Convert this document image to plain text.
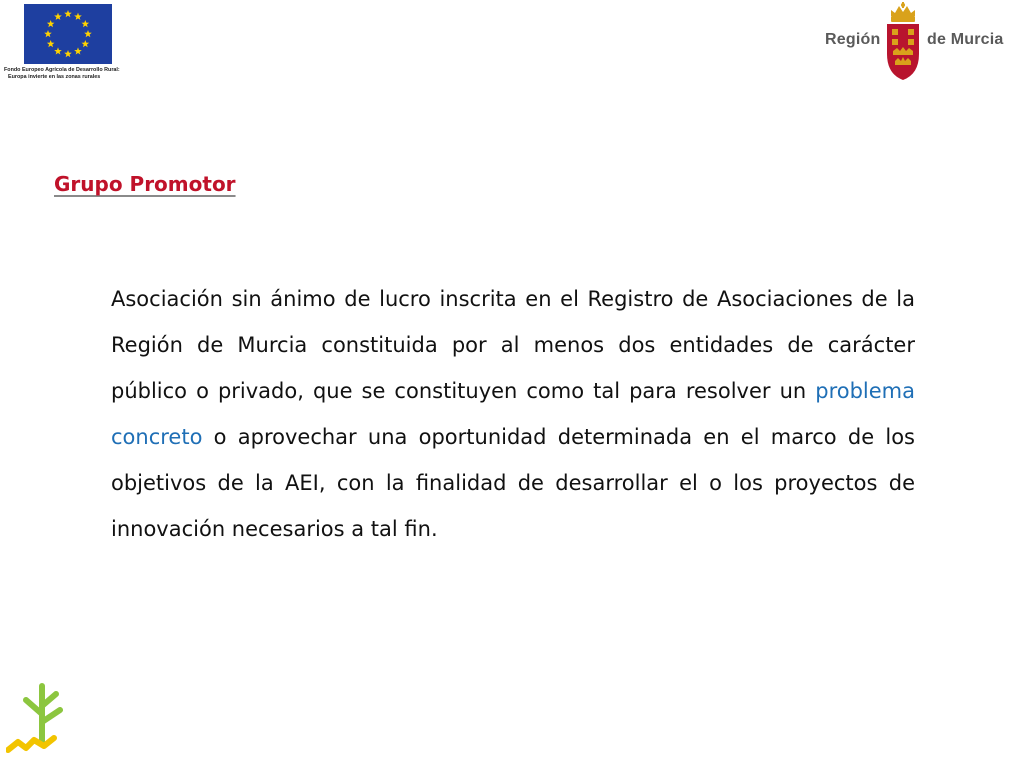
Fondo Europeo Agrícola de Desarrollo Rural:
Europa invierte en las zonas rurales
Región	de Murcia
Grupo Promotor

Asociación sin ánimo de lucro inscrita en el Registro de Asociaciones de la Región de Murcia constituida por al menos dos entidades de carácter público o privado, que se constituyen como tal para resolver un problema concreto o aprovechar una oportunidad determinada en el marco de los objetivos de la AEI, con la finalidad de desarrollar el o los proyectos de innovación necesarios a tal fin.
